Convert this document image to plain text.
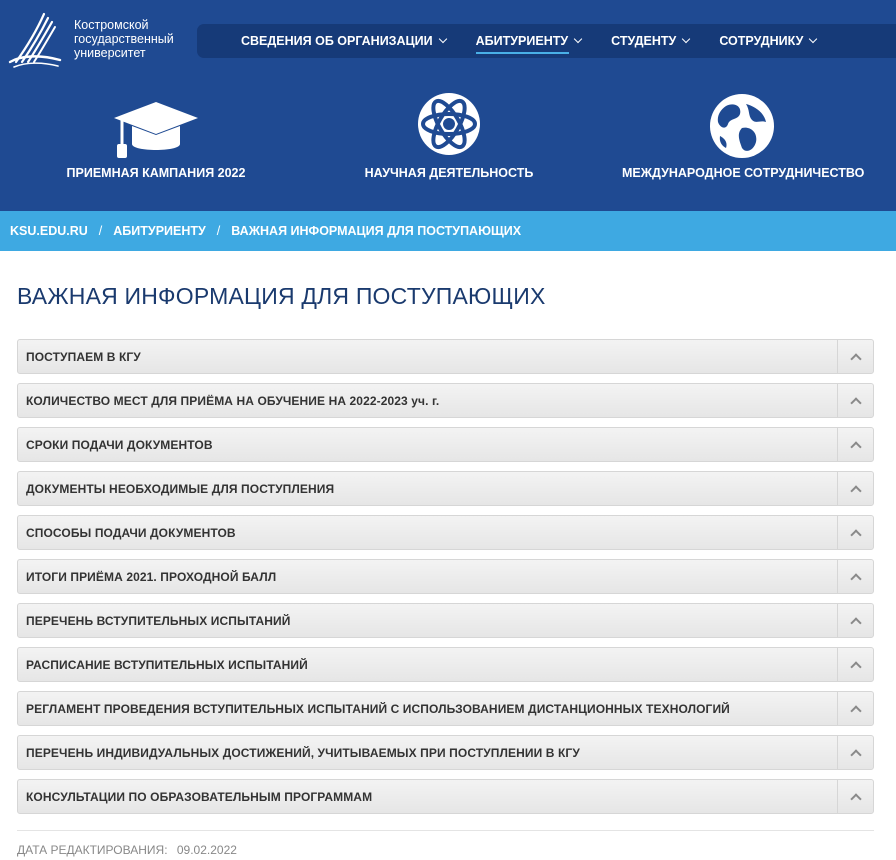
Костромской
государственный
университет
СВЕДЕНИЯ ОБ ОРГАНИЗАЦИИ	АБИТУРИЕНТУ	СТУДЕНТУ	СОТРУДНИКУ
ПРИЕМНАЯ КАМПАНИЯ 2022	НАУЧНАЯ ДЕЯТЕЛЬНОСТЬ	МЕЖДУНАРОДНОЕ СОТРУДНИЧЕСТВО
KSU.EDU.RU / АБИТУРИЕНТУ / ВАЖНАЯ ИНФОРМАЦИЯ ДЛЯ ПОСТУПАЮЩИХ
ВАЖНАЯ ИНФОРМАЦИЯ ДЛЯ ПОСТУПАЮЩИХ
ПОСТУПАЕМ В КГУ
КОЛИЧЕСТВО МЕСТ ДЛЯ ПРИЁМА НА ОБУЧЕНИЕ НА 2022-2023 уч. г.
СРОКИ ПОДАЧИ ДОКУМЕНТОВ
ДОКУМЕНТЫ НЕОБХОДИМЫЕ ДЛЯ ПОСТУПЛЕНИЯ
СПОСОБЫ ПОДАЧИ ДОКУМЕНТОВ
ИТОГИ ПРИЁМА 2021. ПРОХОДНОЙ БАЛЛ
ПЕРЕЧЕНЬ ВСТУПИТЕЛЬНЫХ ИСПЫТАНИЙ
РАСПИСАНИЕ ВСТУПИТЕЛЬНЫХ ИСПЫТАНИЙ
РЕГЛАМЕНТ ПРОВЕДЕНИЯ ВСТУПИТЕЛЬНЫХ ИСПЫТАНИЙ С ИСПОЛЬЗОВАНИЕМ ДИСТАНЦИОННЫХ ТЕХНОЛОГИЙ
ПЕРЕЧЕНЬ ИНДИВИДУАЛЬНЫХ ДОСТИЖЕНИЙ, УЧИТЫВАЕМЫХ ПРИ ПОСТУПЛЕНИИ В КГУ
КОНСУЛЬТАЦИИ ПО ОБРАЗОВАТЕЛЬНЫМ ПРОГРАММАМ
ДАТА РЕДАКТИРОВАНИЯ: 09.02.2022
